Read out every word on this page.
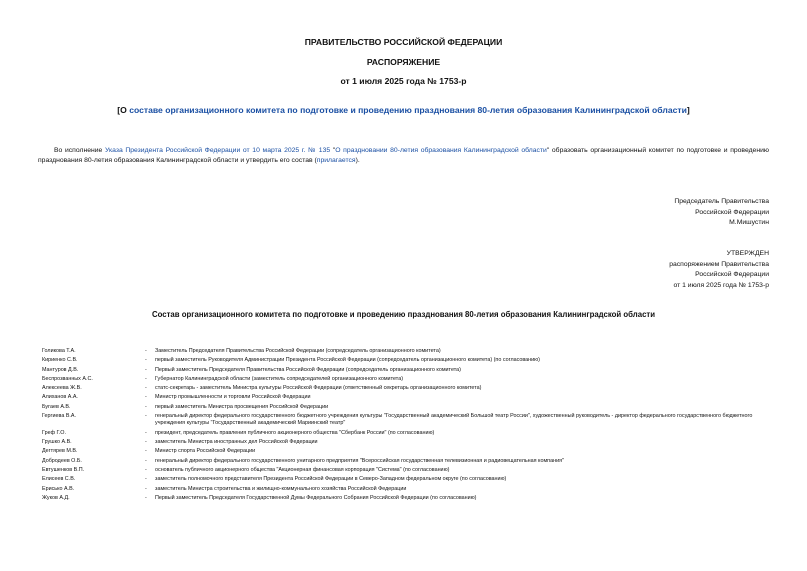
ПРАВИТЕЛЬСТВО РОССИЙСКОЙ ФЕДЕРАЦИИ
РАСПОРЯЖЕНИЕ
от 1 июля 2025 года № 1753-р
[О составе организационного комитета по подготовке и проведению празднования 80-летия образования Калининградской области]
Во исполнение Указа Президента Российской Федерации от 10 марта 2025 г. № 135 "О праздновании 80-летия образования Калининградской области" образовать организационный комитет по подготовке и проведению празднования 80-летия образования Калининградской области и утвердить его состав (прилагается).
Председатель Правительства
Российской Федерации
М.Мишустин
УТВЕРЖДЕН
распоряжением Правительства
Российской Федерации
от 1 июля 2025 года № 1753-р
Состав организационного комитета по подготовке и проведению празднования 80-летия образования Калининградской области
Голикова Т.А.	-	Заместитель Председателя Правительства Российской Федерации (сопредседатель организационного комитета)
Кириенко С.В.	-	первый заместитель Руководителя Администрации Президента Российской Федерации (сопредседатель организационного комитета) (по согласованию)
Мантуров Д.В.	-	Первый заместитель Председателя Правительства Российской Федерации (сопредседатель организационного комитета)
Беспрозванных А.С.	-	Губернатор Калининградской области (заместитель сопредседателей организационного комитета)
Алексеева Ж.В.	-	статс-секретарь - заместитель Министра культуры Российской Федерации (ответственный секретарь организационного комитета)
Алиханов А.А.	-	Министр промышленности и торговли Российской Федерации
Бугаев А.В.	-	первый заместитель Министра просвещения Российской Федерации
Гергиева В.А.	-	генеральный директор федерального государственного бюджетного учреждения культуры "Государственный академический Большой театр России", художественный руководитель - директор федерального государственного бюджетного учреждения культуры "Государственный академический Мариинский театр"
Греф Г.О.	-	президент, председатель правления публичного акционерного общества "Сбербанк России" (по согласованию)
Грушко А.В.	-	заместитель Министра иностранных дел Российской Федерации
Дегтярев М.В.	-	Министр спорта Российской Федерации
Добродеев О.Б.	-	генеральный директор федерального государственного унитарного предприятия "Всероссийская государственная телевизионная и радиовещательная компания"
Евтушенков В.П.	-	основатель публичного акционерного общества "Акционерная финансовая корпорация "Система" (по согласованию)
Елисеев С.В.	-	заместитель полномочного представителя Президента Российской Федерации в Северо-Западном федеральном округе (по согласованию)
Ерисько А.В.	-	заместитель Министра строительства и жилищно-коммунального хозяйства Российской Федерации
Жуков А.Д.	-	Первый заместитель Председателя Государственной Думы Федерального Собрания Российской Федерации (по согласованию)
